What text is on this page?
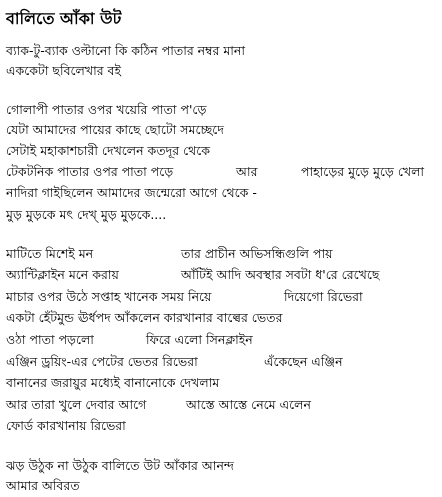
বালিতে আঁকা উট
ব্যাক-টু-ব্যাক ওল্টানো কি কঠিন পাতার নম্বর মানা
এককেটা ছবিলেখার বই
গোলাপী পাতার ওপর খয়েরি পাতা প'ড়ে
যেটা আমাদের পায়ের কাছে ছোটো সমচ্ছেদে
সেটাই মহাকাশচারী দেখলেন কতদূর থেকে
টেকটনিক পাতার ওপর পাতা পড়ে	আর	পাহাড়ের মুড়ে মুড়ে খেলা
নাদিরা গাইছিলেন আমাদের জন্মেরো আগে থেকে -
মুড় মুড়কে মৎ দেখ্ মুড় মুড়কে....
মাটিতে মিশেই মন	তার প্রাচীন অভিসন্ধিগুলি পায়
অ্যান্টিক্লাইন মনে করায়	আঁটিই আদি অবস্থার সবটা ধ'রে রেখেছে
মাচার ওপর উঠে সপ্তাহ খানেক সময় নিয়ে	দিয়েগো রিভেরা
একটা হেঁটমুন্ড ঊর্ধপদ আঁকলেন কারখানার বাল্বের ভেতর
ওঠা পাতা পড়লো	ফিরে এলো সিনক্লাইন
এঞ্জিন ড্রয়িং-এর পেটের ভেতর রিভেরা	এঁকেছেন এঞ্জিন
বানানের জরায়ুর মধ্যেই বানানোকে দেখলাম
আর তারা খুলে দেবার আগে	আস্তে আস্তে নেমে এলেন
ফোর্ড কারখানায় রিভেরা
ঝড় উঠুক না উঠুক বালিতে উট আঁকার আনন্দ
আমার অবিরত
